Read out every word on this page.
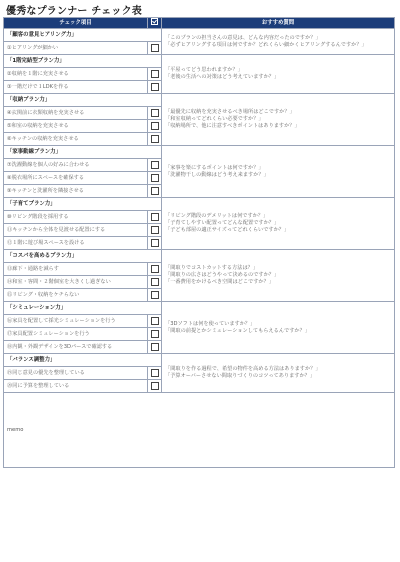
優秀なプランナー チェック表
チェック項目		おすすめ質問
「顧客の意見ヒアリング力」		「このプランの担当さんの意見は、どんな内容だったのですか？」
「必ずヒアリングする項目は何ですか？どれくらい細かくヒアリングするんですか？」
①ヒアリングが細かい		
「1階完結型プラン力」		「平屋ってどう思われますか？」
「老後の生活への対策はどう考えていますか？」
②収納を１階に充実させる		
③一階だけで１LDKを作る		
「収納プラン力」		「最優先に収納を充実させるべき場所はどこですか？」
「和室収納ってどれくらい必要ですか？」
「収納場所で、他に注意すべきポイントはありますか？」
④玄関前に衣類収納を充実させる		
⑤和室の収納を充実させる		
⑥キッチンの収納を充実させる		
「家事動線プラン力」		「家事を楽にするポイントは何ですか？」
「洗濯物干しの動線はどう考え来ますか？」
⑦洗濯動線を個人の好みに合わせる		
⑧脱衣場所にスペースを確保する		
⑨キッチンと洗濯所を隣接させる		
「子育てプラン力」		「リビング階段のデメリットは何ですか？」
「子育てしやすい配置ってどんな配置ですか？」
「子ども部屋の適正サイズってどれくらいですか？」
⑩リビング階段を採用する		
⑪キッチンから全体を見渡せる配置にする		
⑫１階に遊び場スペースを設ける		
「コスパを高めるプラン力」		「間取りでコストカットする方法は？」
「間取りの広さはどうやって決めるのですか？」
「一番費用をかけるべき空間はどこですか？」
⑬廊下・通路を減らす		
⑭和室・客間・２階個室を大きくし過ぎない		
⑮リビング・収納をケチらない		
「シミュレーション力」		「3Dソフトは何を使っていますか？」
「間取の前提とかシミュレーションしてもらえるんですか？」
⑯家具を配置して採光シミュレーションを行う		
⑰家具配置シミュレーションを行う		
⑱内観・外観デザインを3Dパースで確認する		
「バランス調整力」		「間取りを作る過程で、希望の物件を高める方法はありますか？」
「予算オーバーさせない間取りづくりのコツってありますか？」
⑲同じ意見の優先を整理している		
⑳同に予算を整理している		
memo		
